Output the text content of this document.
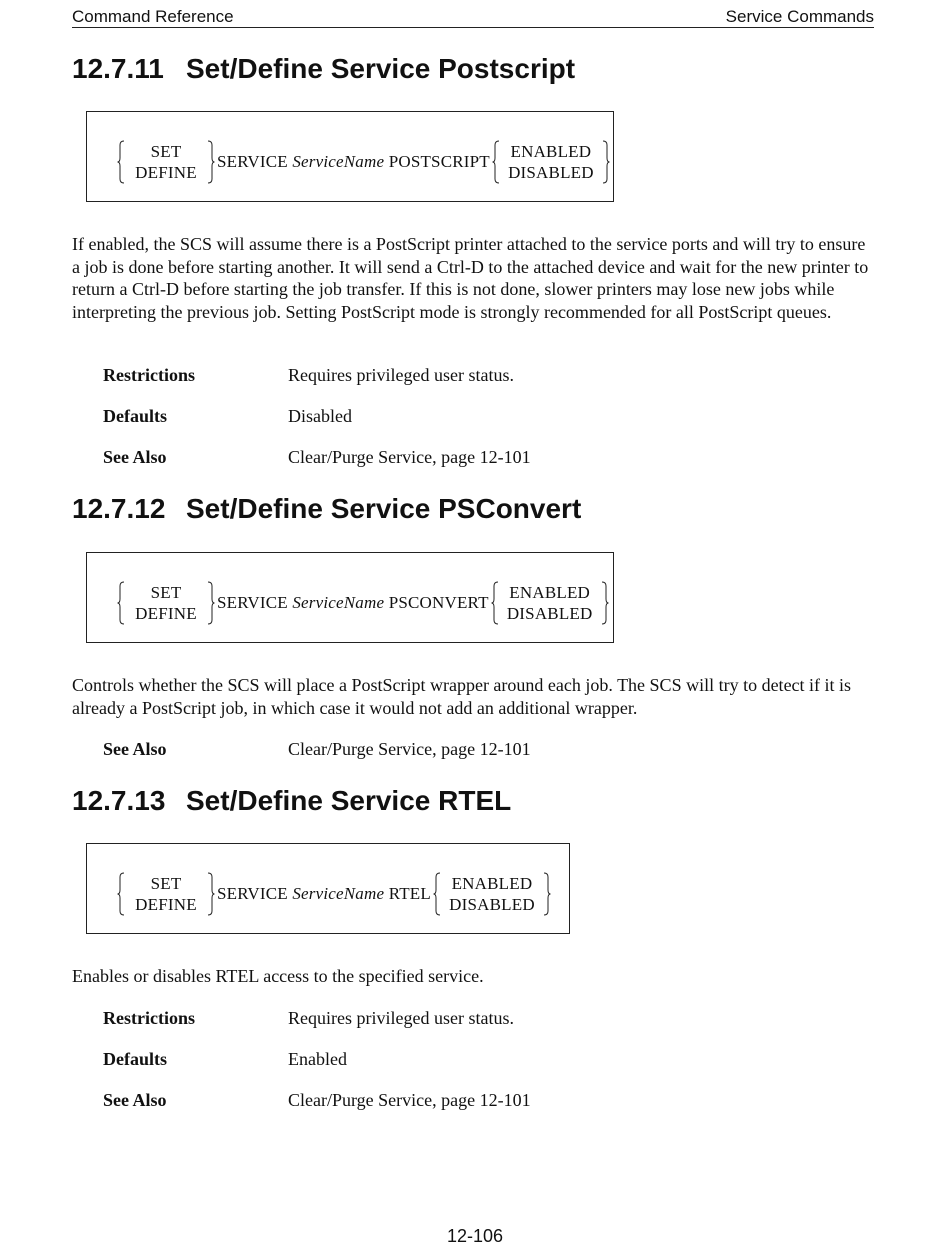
Command Reference	Service Commands
12.7.11 Set/Define Service Postscript
SET
DEFINE
SERVICE ServiceName POSTSCRIPT
ENABLED
DISABLED

If enabled, the SCS will assume there is a PostScript printer attached to the service ports and will try to ensure a job is done before starting another. It will send a Ctrl-D to the attached device and wait for the new printer to return a Ctrl-D before starting the job transfer. If this is not done, slower printers may lose new jobs while interpreting the previous job. Setting PostScript mode is strongly recommended for all PostScript queues.

Restrictions	Requires privileged user status.
Defaults	Disabled
See Also	Clear/Purge Service, page 12-101
12.7.12 Set/Define Service PSConvert
SET
DEFINE
SERVICE ServiceName PSCONVERT
ENABLED
DISABLED

Controls whether the SCS will place a PostScript wrapper around each job. The SCS will try to detect if it is already a PostScript job, in which case it would not add an additional wrapper.

See Also	Clear/Purge Service, page 12-101
12.7.13 Set/Define Service RTEL
SET
DEFINE
SERVICE ServiceName RTEL
ENABLED
DISABLED

Enables or disables RTEL access to the specified service.

Restrictions	Requires privileged user status.
Defaults	Enabled
See Also	Clear/Purge Service, page 12-101
12-106
